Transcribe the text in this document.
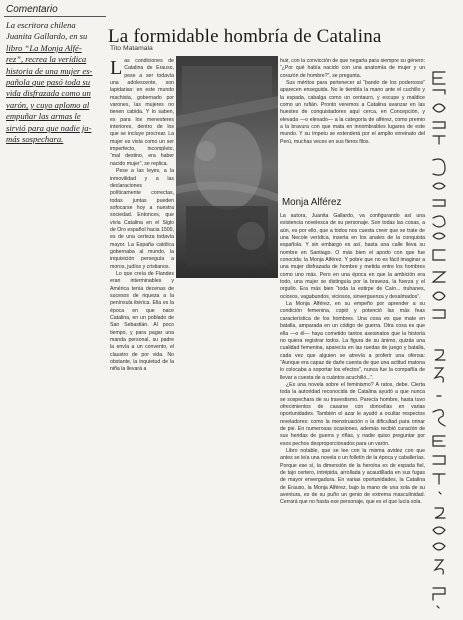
Comentario
La escritora chilena
Juanita Gallardo, en su
libro “La Monja Alfé-
rez”, recrea la verídica
historia de una mujer es-
pañola que pasó toda su
vida disfrazada como un
varón, y cuyo aplomo al
empuñar las armas le
sirvió para que nadie ja-
más sospechara.
La formidable hombría de Catalina
Tito Matamala

Las condiciones de Catalina de Erauso, pese a ser todavía una adolescente, son lapidarias: en este mundo machista, gobernado por varones, las mujeres no tienen cabida. Y lo saben, es para los menesteres interiores, dentro de los que se incluye procrear. La mujer es vista como un ser imperfecto, incompleto, “mal destino, era haber nacido mujer”, se replica.

Pese a las leyes, a la inmovilidad y a las declaraciones políticamente correctas, todas juntas pueden sofocarse hoy a nuestra sociedad. Entonces, que vivía Catalina en el Siglo de Oro español hacia 1500, es de una certeza todavía mayor. La España católica gobernaba al mundo, la inquisición perseguía a moros, judíos y cristianos.

Lo que creía de Flandes eran interminables y América tenía decenas de sucesos de riqueza a la península ibérica. Ella es la época en que nace Catalina, en un poblado de San Sebastián. Al poco tiempo, y para pagar una manda personal, su padre la envía a un convento, el claustro de por vida. No obstante, la inquietud de la niña la llevará a

huir, con la convicción de que negarla para siempre su género: “¿Por qué había nacido con una anatomía de mujer y un corazón de hombre?”, se pregunta.

Sus méritos para pertenecer al “bando de los poderosos” aparecen enseguida. No le tiembla la mano ante el cuchillo y la espada, cabalga como un centauro, y escupe y maldice como un rufián. Pronto veremos a Catalina avanzar en las huestes de conquistadores aquí cerca, en Concepción, y elevada —o elevado— a la categoría de alférez, como premio a la bravura con que mata en innombrables lugares de este mundo. Y su ímpetu se extenderá por el amplio virreinato del Perú, muchas veces en sus fieros filos.

Monja Alférez

La autora, Juanita Gallardo, va configurando así una existencia novelesca de su personaje. Son todas las cosas, a aún, es por ello, que a todos nos cuesta creer que se trate de una Necole verídica, inserta en los anales de la conquista española. Y sin embargo es así, hasta una calle lleva su nombre en Santiago. O más bien el apodo con que fue conocida: la Monja Alférez. Y pobre que no es fácil imaginar a una mujer disfrazada de hombre y metida entre los hombres como uno más. Pero en una época en que la ambición era todo, una mujer se distinguía por la braveza, la fuerza y el orgullo. Era más bien “toda la estirpe de Caín... truhanes, ociosos, vagabundos, viciosos, sinverguenza y desalmados”.

La Monja Alférez, en su empeño por aprender a su condición femenina, copió y potenció las más feas característica de los hombres. Una cosa es que mate en batalla, amparada en un código de guerra. Otra cosa es que ella —o él— haya cometido tantos asesinatos que la historia no quiera registrar todos. La figura de su ánimo, quizás una cualidad femenina, aparecía en las ruedas de juego y batalla, cada vez que alguien se atrevía a proferir una ofensa: “Aunque era capaz de darle cuenta de que una actitud matona lo colocaba a soportar los efectos”, nunca fue la compañía de llevar a cuesta de a cuántos acuchilló...”.

¿Es una novela sobre el feminismo? A ratos, debe. Cierta toda la autoridad reconocida de Catalina ayudó a que nunca se sospechara de su travestismo. Parecía hombre, hasta tuvo ofrecimientos de casarse con doncellas en varias oportunidades. También el azar le ayudó a ocultar respectos reveladores: como la menstruación o la dificultad para orinar de pie. En numerosas ocasiones, además recibió curación de sus heridas de guerra y riñas, y nadie quiso preguntar por esos pechos desproporcionados para un varón.

Libro notable, que se lee con la misma avidez con que antes se leía una novela o un folletín de la época y caballerías. Porque ese sí, la dimensión de la heroína es de espada fiel, de tajo certero, intrépida, arrollada y acaudillada en sus fugas de mayor envergadura. En varias oportunidades, la Catalina de Erauso, la Monja Alférez, bajo la mano de una sola de su aventura, es de su puño un genio de extrema masculinidad. Cerrará que no hasta ese personaje, que es el que lucía sola.
